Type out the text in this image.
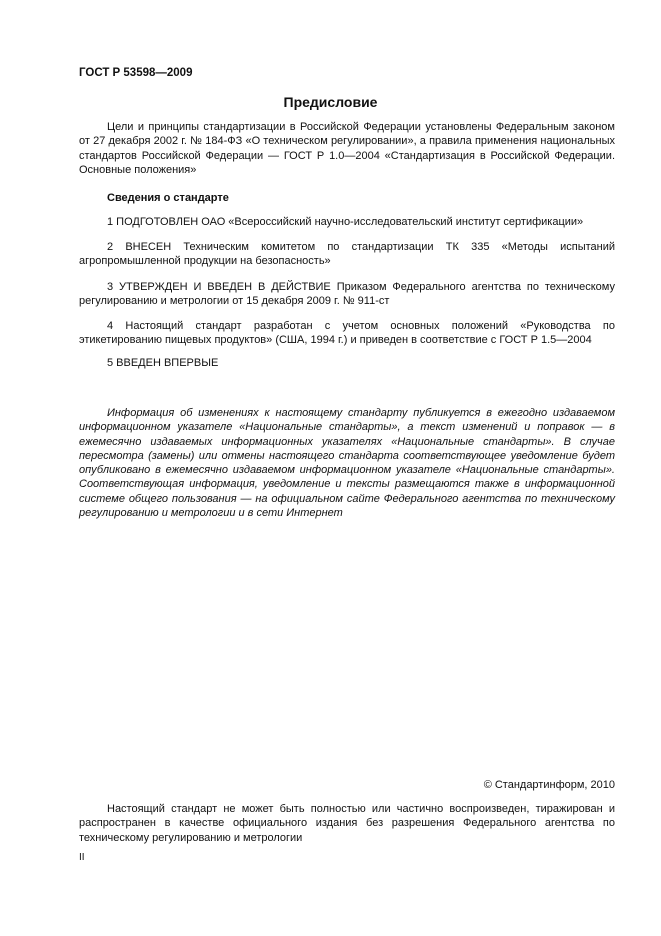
ГОСТ Р 53598—2009
Предисловие

Цели и принципы стандартизации в Российской Федерации установлены Федеральным законом от 27 декабря 2002 г. № 184-ФЗ «О техническом регулировании», а правила применения национальных стандартов Российской Федерации — ГОСТ Р 1.0—2004 «Стандартизация в Российской Федерации. Основные положения»

Сведения о стандарте

1 ПОДГОТОВЛЕН ОАО «Всероссийский научно-исследовательский институт сертификации»

2 ВНЕСЕН Техническим комитетом по стандартизации ТК 335 «Методы испытаний агропромышленной продукции на безопасность»

3 УТВЕРЖДЕН И ВВЕДЕН В ДЕЙСТВИЕ Приказом Федерального агентства по техническому регулированию и метрологии от 15 декабря 2009 г. № 911-ст

4 Настоящий стандарт разработан с учетом основных положений «Руководства по этикетированию пищевых продуктов» (США, 1994 г.) и приведен в соответствие с ГОСТ Р 1.5—2004

5 ВВЕДЕН ВПЕРВЫЕ

Информация об изменениях к настоящему стандарту публикуется в ежегодно издаваемом информационном указателе «Национальные стандарты», а текст изменений и поправок — в ежемесячно издаваемых информационных указателях «Национальные стандарты». В случае пересмотра (замены) или отмены настоящего стандарта соответствующее уведомление будет опубликовано в ежемесячно издаваемом информационном указателе «Национальные стандарты». Соответствующая информация, уведомление и тексты размещаются также в информационной системе общего пользования — на официальном сайте Федерального агентства по техническому регулированию и метрологии и в сети Интернет

© Стандартинформ, 2010

Настоящий стандарт не может быть полностью или частично воспроизведен, тиражирован и распространен в качестве официального издания без разрешения Федерального агентства по техническому регулированию и метрологии

II
